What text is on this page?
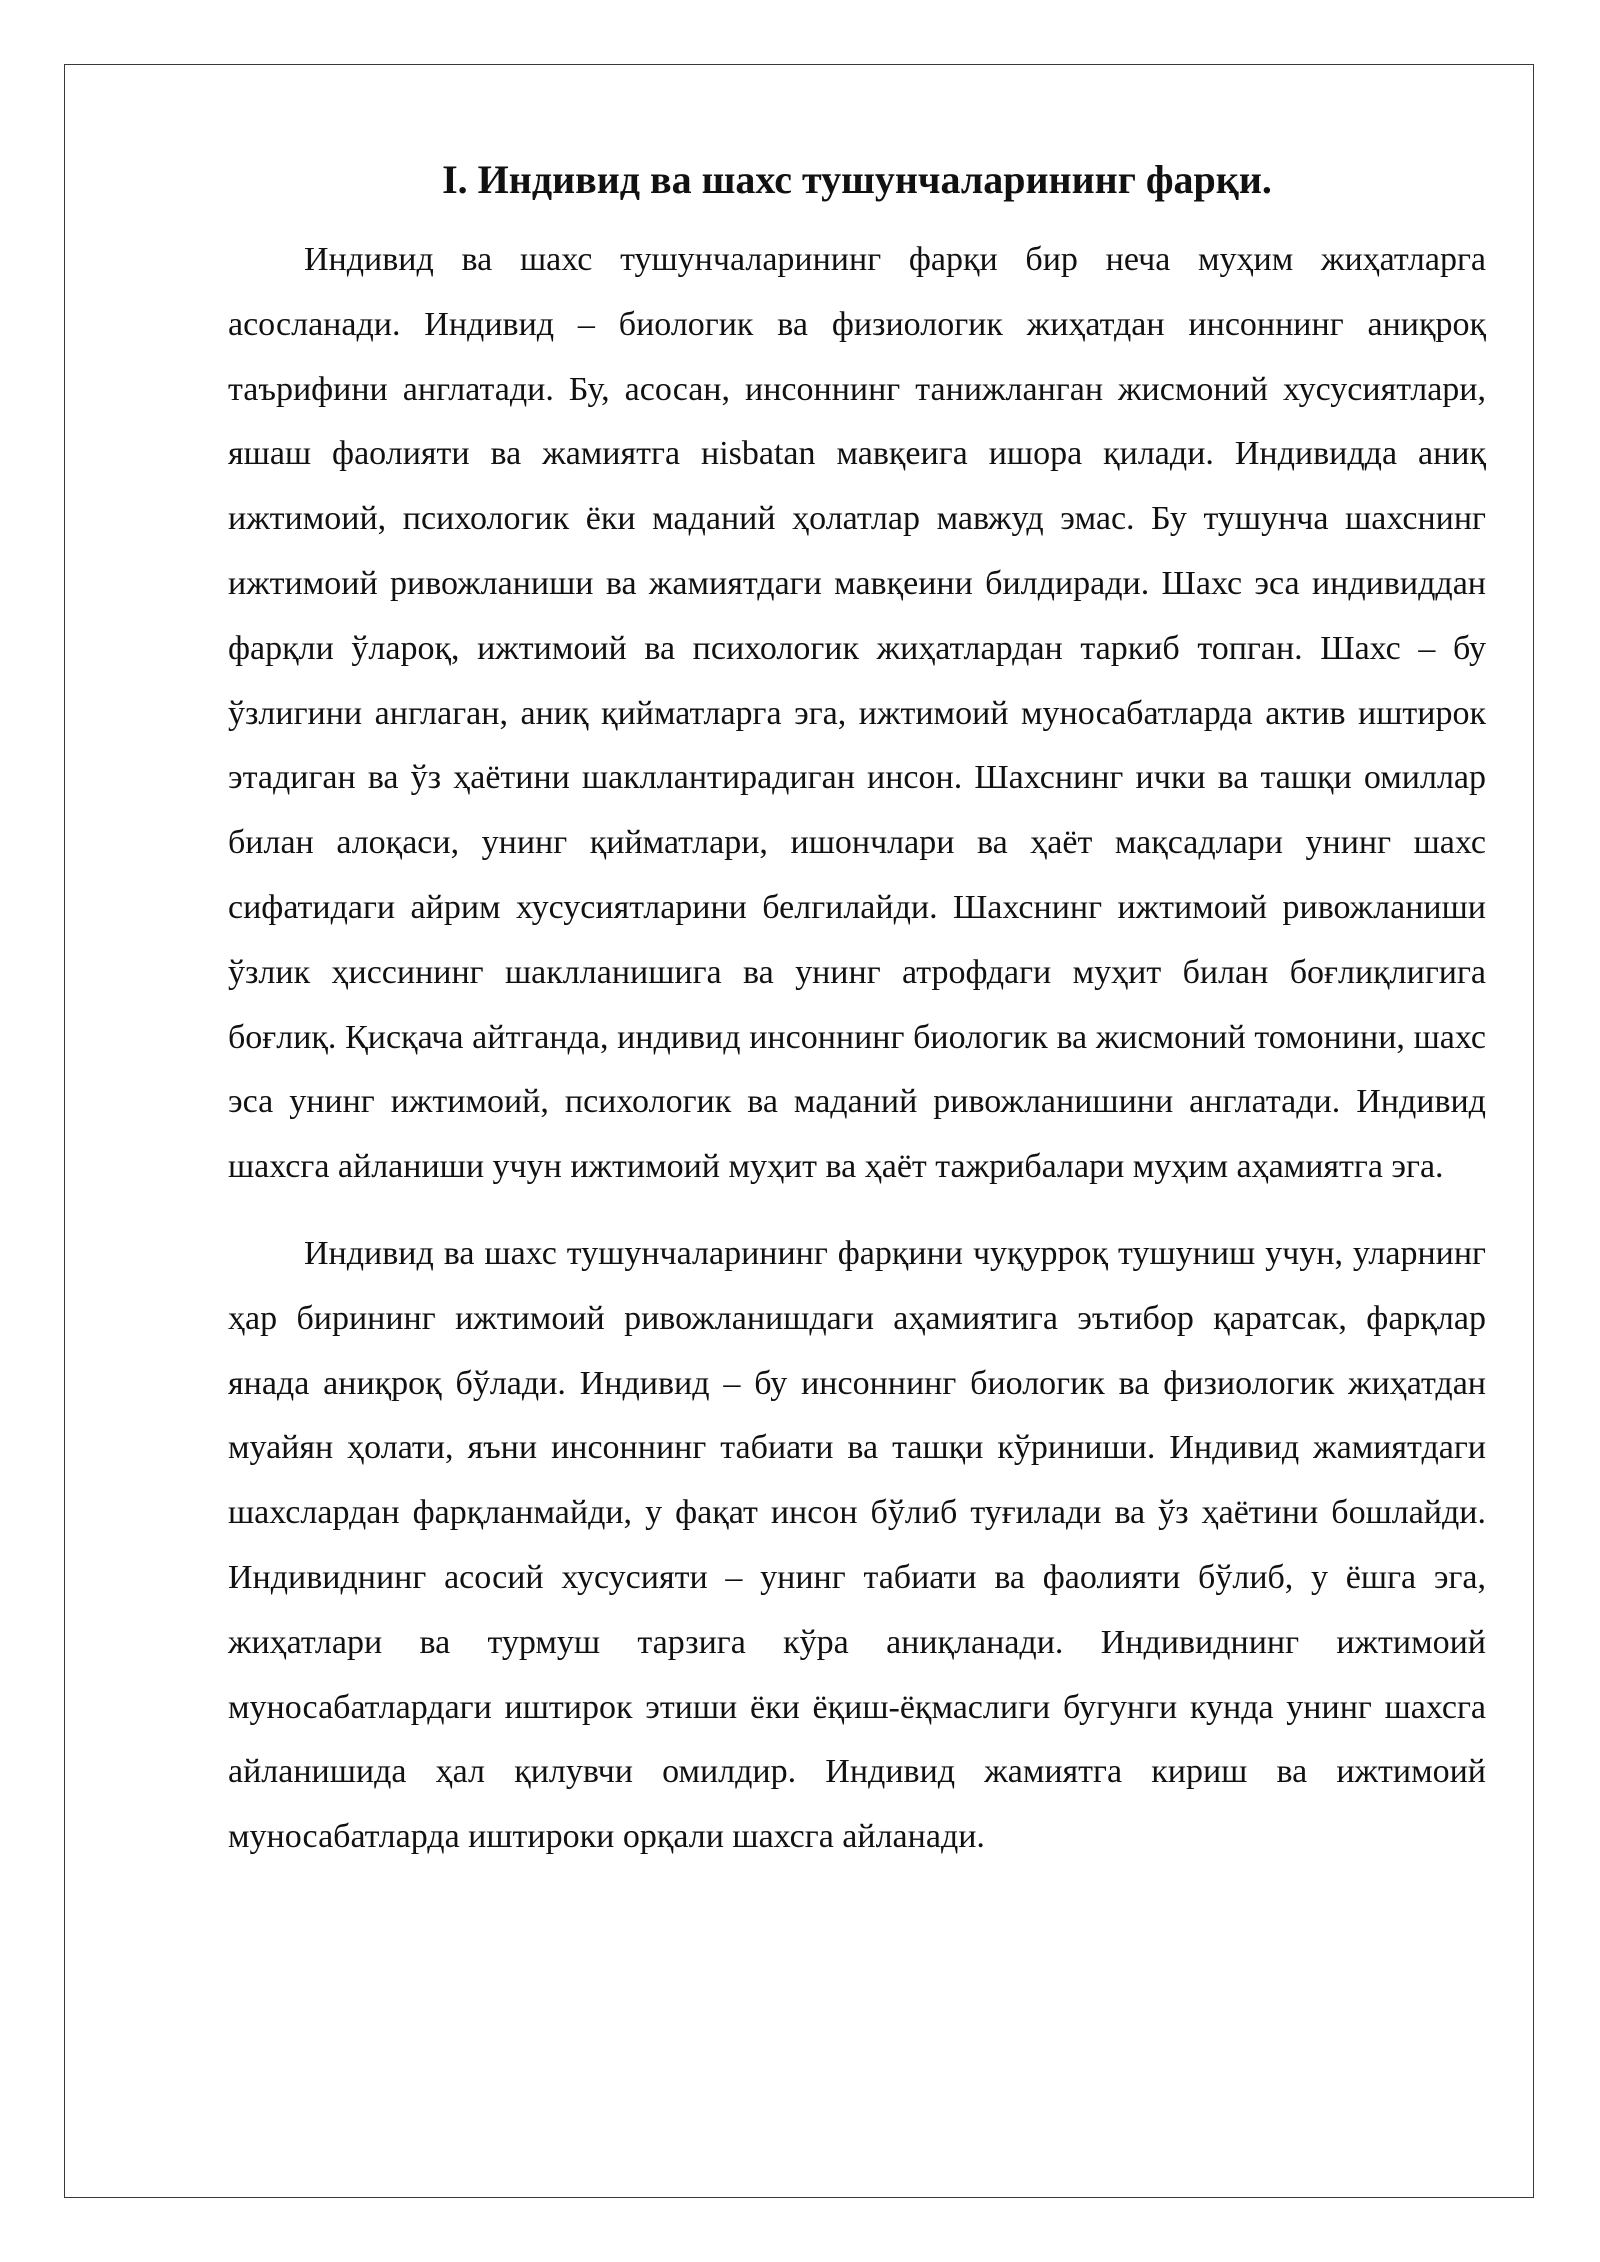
I. Индивид ва шахс тушунчаларининг фарқи.

Индивид ва шахс тушунчаларининг фарқи бир неча муҳим жиҳатларга асосланади. Индивид – биологик ва физиологик жиҳатдан инсоннинг аниқроқ таърифини англатади. Бу, асосан, инсоннинг танижланган жисмоний хусусиятлари, яшаш фаолияти ва жамиятга нisbatan мавқеига ишора қилади. Индивидда аниқ ижтимоий, психологик ёки маданий ҳолатлар мавжуд эмас. Бу тушунча шахснинг ижтимоий ривожланиши ва жамиятдаги мавқеини билдиради. Шахс эса индивиддан фарқли ўлароқ, ижтимоий ва психологик жиҳатлардан таркиб топган. Шахс – бу ўзлигини англаган, аниқ қийматларга эга, ижтимоий муносабатларда актив иштирок этадиган ва ўз ҳаётини шакллантирадиган инсон. Шахснинг ички ва ташқи омиллар билан алоқаси, унинг қийматлари, ишончлари ва ҳаёт мақсадлари унинг шахс сифатидаги айрим хусусиятларини белгилайди. Шахснинг ижтимоий ривожланиши ўзлик ҳиссининг шаклланишига ва унинг атрофдаги муҳит билан боғлиқлигига боғлиқ. Қисқача айтганда, индивид инсоннинг биологик ва жисмоний томонини, шахс эса унинг ижтимоий, психологик ва маданий ривожланишини англатади. Индивид шахсга айланиши учун ижтимоий муҳит ва ҳаёт тажрибалари муҳим аҳамиятга эга.

Индивид ва шахс тушунчаларининг фарқини чуқурроқ тушуниш учун, уларнинг ҳар бирининг ижтимоий ривожланишдаги аҳамиятига эътибор қаратсак, фарқлар янада аниқроқ бўлади. Индивид – бу инсоннинг биологик ва физиологик жиҳатдан муайян ҳолати, яъни инсоннинг табиати ва ташқи кўриниши. Индивид жамиятдаги шахслардан фарқланмайди, у фақат инсон бўлиб туғилади ва ўз ҳаётини бошлайди. Индивиднинг асосий хусусияти – унинг табиати ва фаолияти бўлиб, у ёшга эга, жиҳатлари ва турмуш тарзига кўра аниқланади. Индивиднинг ижтимоий муносабатлардаги иштирок этиши ёки ёқиш-ёқмаслиги бугунги кунда унинг шахсга айланишида ҳал қилувчи омилдир. Индивид жамиятга кириш ва ижтимоий муносабатларда иштироки орқали шахсга айланади.
